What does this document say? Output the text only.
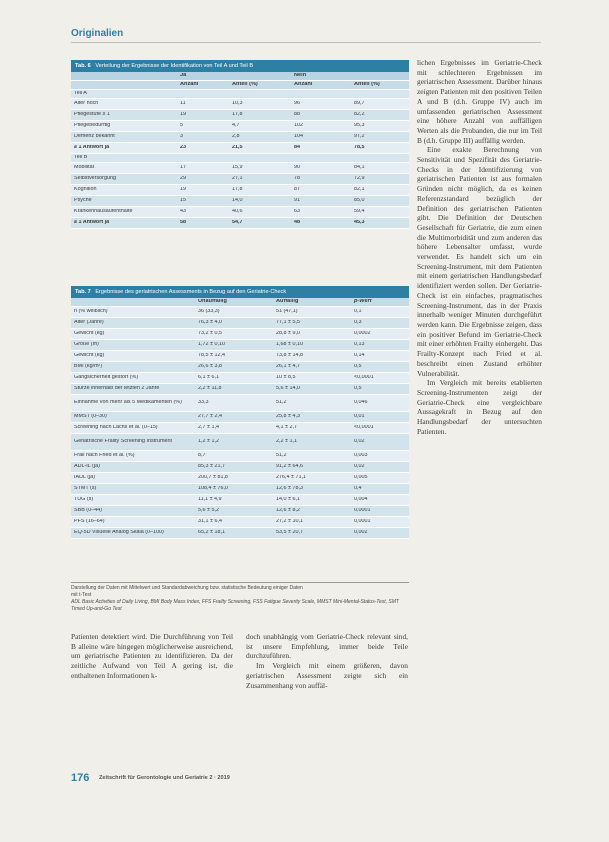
Originalien
Tab. 6 Verteilung der Ergebnisse der Identifikation von Teil A und Teil B
Ja	Nein
Anzahl	Anteil (%)	Anzahl	Anteil (%)
Teil A
Alter hoch	11	10,3	96	89,7
Pflegestufe ≥ 1	19	17,8	88	82,2
Pflegebedürftig	5	4,7	102	95,3
Demenz bekannt	3	2,8	104	97,2
≥ 1 Antwort ja	23	21,5	84	78,5
Teil B
Mobilität	17	15,9	90	84,1
Selbstversorgung	29	27,1	78	72,9
Kognition	19	17,8	87	82,1
Psyche	15	14,0	91	85,0
Krankenhausaufenthalte	43	40,6	63	59,4
≥ 1 Antwort ja	58	54,7	48	45,3
Tab. 7 Ergebnisse des geriatrischen Assessments in Bezug auf den Geriatrie-Check
Unauffällig	Auffällig	p-Wert
n (% weiblich)	36 (33,3)	51 (47,1)	0,1
Alter (Jahre)	76,3 ± 4,0	77,1 ± 5,5	0,3
Gewicht (kg)	73,2 ± 0,5	28,8 ± 9,0	0,0002
Größe (m)	1,72 ± 0,10	1,68 ± 0,10	0,13
Gewicht (kg)	78,5 ± 12,4	73,8 ± 14,8	0,14
BMI (kg/m²)	26,6 ± 3,8	26,1 ± 4,7	0,5
Gangsicherheit gestört (%)	6,1 ± 6,1	10 ± 8,5	<0,0001
Stürze innerhalb der letzten 2 Jahre	2,2 ± 11,8	5,6 ± 14,0	0,5
Einnahme von mehr als 5 Medikamenten (%)	33,3	51,2	0,046
MMST (0–30)	27,7 ± 2,4	25,8 ± 4,3	0,01
Screening nach Lachs et al. (0–15)	2,7 ± 1,4	4,1 ± 2,7	<0,0001
Geriatrische Frailty Screening Instrument	1,2 ± 1,2	2,2 ± 1,1	0,02
Frail nach Fried et al. (%)	8,7	51,2	0,003
ADL-IL (ja)	85,3 ± 21,7	91,2 ± 64,6	0,02
IADL (ja)	200,7 ± 81,8	276,4 ± 71,1	0,005
STMT (s)	108,4 ± 76,0	12,6 ± 78,3	0,4
TUG (s)	11,1 ± 4,9	14,0 ± 6,1	0,004
SBB (0–44)	5,6 ± 5,2	12,6 ± 8,2	0,0001
PFS (16–64)	31,1 ± 6,4	27,2 ± 10,1	0,0001
EQ-5D Visuelle Analog Skala (0–100)	65,2 ± 18,1	53,5 ± 20,7	0,002

Darstellung der Daten mit Mittelwert und Standardabweichung bzw. statistische Bedeutung einiger Daten

mit t-Test

ADL Basic Activities of Daily Living, BMI Body Mass Index, FFS Frailty Screening, FSS Fatigue Severity Scale, MMST Mini-Mental-Status-Test, SMT Timed Up-and-Go Test

lichen Ergebnisses im Geriatrie-Check mit schlechteren Ergebnissen im geriatrischen Assessment. Darüber hinaus zeigten Patienten mit den positiven Teilen A und B (d.h. Gruppe IV) auch im umfassenden geriatrischen Assessment eine höhere Anzahl von auffälligen Werten als die Probanden, die nur im Teil B (d.h. Gruppe III) auffällig werden.

Eine exakte Berechnung von Sensitivität und Spezifität des Geriatrie-Checks in der Identifizierung von geriatrischen Patienten ist aus formalen Gründen nicht möglich, da es keinen Referenzstandard bezüglich der Definition des geriatrischen Patienten gibt. Die Definition der Deutschen Gesellschaft für Geriatrie, die zum einen die Multimorbidität und zum anderen das höhere Lebensalter umfasst, wurde verwendet. Es handelt sich um ein Screening-Instrument, mit dem Patienten mit einem geriatrischen Handlungsbedarf identifiziert werden sollen. Der Geriatrie-Check ist ein einfaches, pragmatisches Screening-Instrument, das in der Praxis innerhalb weniger Minuten durchgeführt werden kann. Die Ergebnisse zeigen, dass ein positiver Befund im Geriatrie-Check mit einer erhöhten Frailty einhergeht. Das Frailty-Konzept nach Fried et al. beschreibt einen Zustand erhöhter Vulnerabilität.

Im Vergleich mit bereits etablierten Screening-Instrumenten zeigt der Geriatrie-Check eine vergleichbare Aussagekraft in Bezug auf den Handlungsbedarf der untersuchten Patienten.

Patienten detektiert wird. Die Durchführung von Teil B alleine wäre hingegen möglicherweise ausreichend, um geriatrische Patienten zu identifizieren. Da der zeitliche Aufwand von Teil A gering ist, die enthaltenen Informationen k-

doch unabhängig vom Geriatrie-Check relevant sind, ist unsere Empfehlung, immer beide Teile durchzuführen.

Im Vergleich mit einem größeren, davon geriatrischen Assessment zeigte sich ein Zusammenhang von auffäl-

176 Zeitschrift für Gerontologie und Geriatrie 2 · 2019
